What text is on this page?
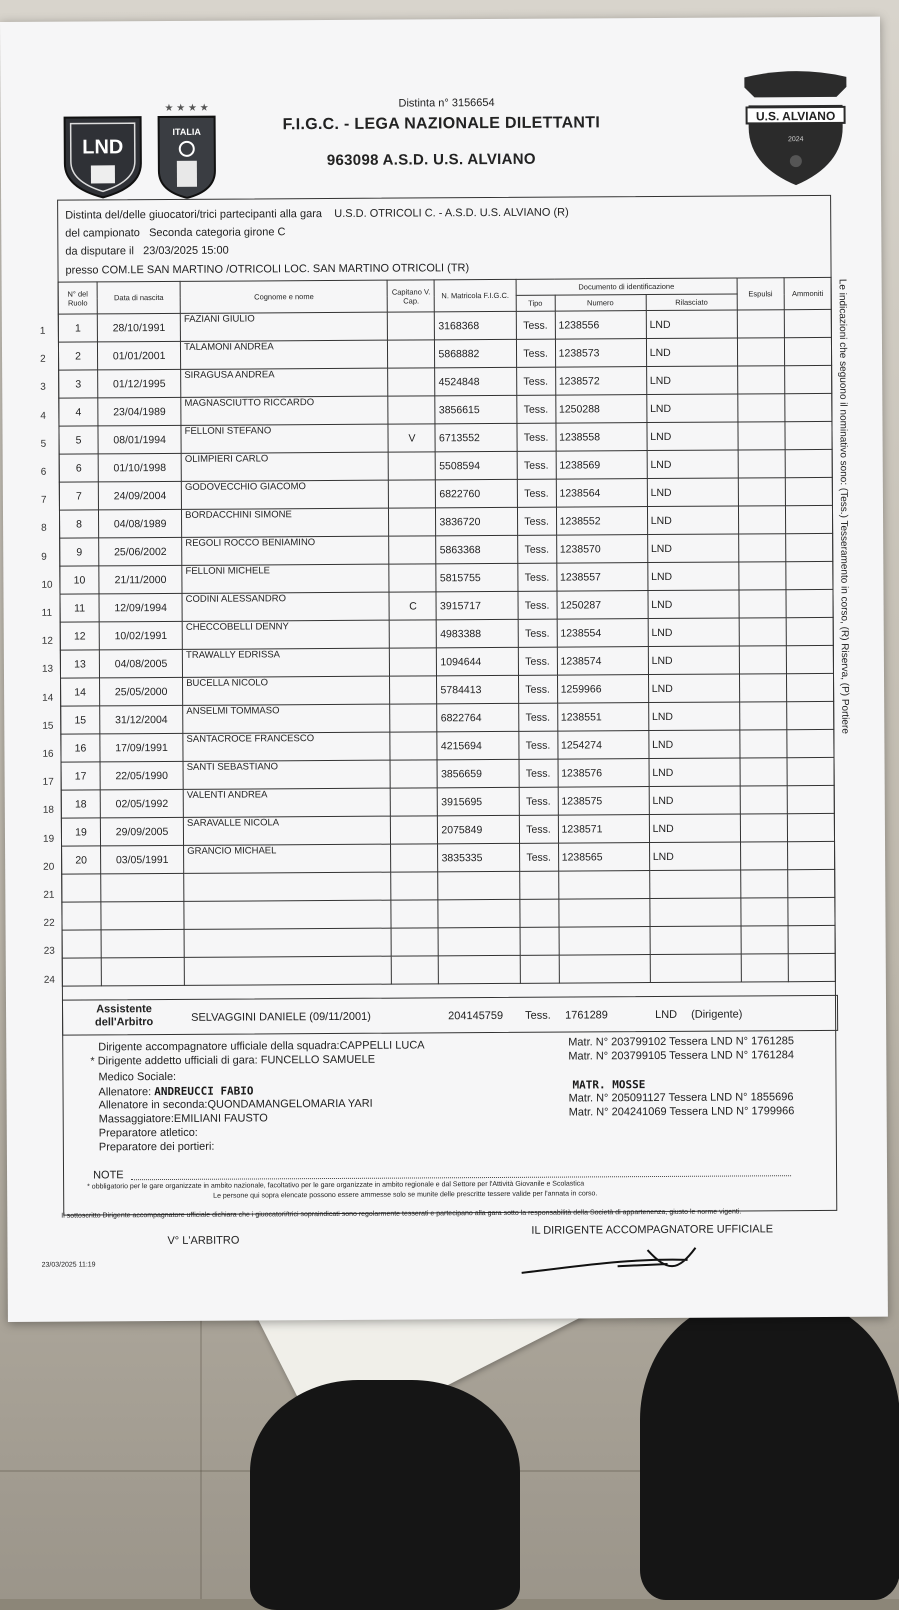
LND
★ ★ ★ ★
ITALIA
U.S. ALVIANO
2024
Distinta n° 3156654
F.I.G.C. - LEGA NAZIONALE DILETTANTI
963098 A.S.D. U.S. ALVIANO
Distinta del/delle giuocatori/trici partecipanti alla gara U.S.D. OTRICOLI C. - A.S.D. U.S. ALVIANO (R)
del campionato Seconda categoria girone C
da disputare il 23/03/2025 15:00
presso COM.LE SAN MARTINO /OTRICOLI LOC. SAN MARTINO OTRICOLI (TR)
1
2
3
4
5
6
7
8
9
10
11
12
13
14
15
16
17
18
19
20
21
22
23
24
N° del Ruolo	Data di nascita	Cognome e nome	Capitano V. Cap.	N. Matricola F.I.G.C.	Documento di identificazione			Espulsi	Ammoniti
					Tipo	Numero	Rilasciato		
1	28/10/1991	FAZIANI GIULIO		3168368	Tess.	1238556	LND		
2	01/01/2001	TALAMONI ANDREA		5868882	Tess.	1238573	LND		
3	01/12/1995	SIRAGUSA ANDREA		4524848	Tess.	1238572	LND		
4	23/04/1989	MAGNASCIUTTO RICCARDO		3856615	Tess.	1250288	LND		
5	08/01/1994	FELLONI STEFANO	V	6713552	Tess.	1238558	LND		
6	01/10/1998	OLIMPIERI CARLO		5508594	Tess.	1238569	LND		
7	24/09/2004	GODOVECCHIO GIACOMO		6822760	Tess.	1238564	LND		
8	04/08/1989	BORDACCHINI SIMONE		3836720	Tess.	1238552	LND		
9	25/06/2002	REGOLI ROCCO BENIAMINO		5863368	Tess.	1238570	LND		
10	21/11/2000	FELLONI MICHELE		5815755	Tess.	1238557	LND		
11	12/09/1994	CODINI ALESSANDRO	C	3915717	Tess.	1250287	LND		
12	10/02/1991	CHECCOBELLI DENNY		4983388	Tess.	1238554	LND		
13	04/08/2005	TRAWALLY EDRISSA		1094644	Tess.	1238574	LND		
14	25/05/2000	BUCELLA NICOLO		5784413	Tess.	1259966	LND		
15	31/12/2004	ANSELMI TOMMASO		6822764	Tess.	1238551	LND		
16	17/09/1991	SANTACROCE FRANCESCO		4215694	Tess.	1254274	LND		
17	22/05/1990	SANTI SEBASTIANO		3856659	Tess.	1238576	LND		
18	02/05/1992	VALENTI ANDREA		3915695	Tess.	1238575	LND		
19	29/09/2005	SARAVALLE NICOLA		2075849	Tess.	1238571	LND		
20	03/05/1991	GRANCIO MICHAEL		3835335	Tess.	1238565	LND		

Assistente dell'Arbitro	SELVAGGINI DANIELE (09/11/2001)	204145759 Tess. 1761289	LND (Dirigente)
Dirigente accompagnatore ufficiale della squadra:CAPPELLI LUCA
* Dirigente addetto ufficiali di gara: FUNCELLO SAMUELE
Medico Sociale:
Allenatore: ANDREUCCI FABIO
Allenatore in seconda:QUONDAMANGELOMARIA YARI
Massaggiatore:EMILIANI FAUSTO
Preparatore atletico:
Preparatore dei portieri:
Matr. N° 203799102 Tessera LND N° 1761285
Matr. N° 203799105 Tessera LND N° 1761284
MATR. MOSSE
Matr. N° 205091127 Tessera LND N° 1855696
Matr. N° 204241069 Tessera LND N° 1799966
NOTE
* obbligatorio per le gare organizzate in ambito nazionale, facoltativo per le gare organizzate in ambito regionale e dal Settore per l'Attività Giovanile e Scolastica
Le persone qui sopra elencate possono essere ammesse solo se munite delle prescritte tessere valide per l'annata in corso.
Il sottoscritto Dirigente accompagnatore ufficiale dichiara che i giuocatori/trici sopraindicati sono regolarmente tesserati e partecipano alla gara sotto la responsabilità della Società di appartenenza, giusto le norme vigenti.
V° L'ARBITRO
IL DIRIGENTE ACCOMPAGNATORE UFFICIALE
23/03/2025 11:19
Le indicazioni che seguono il nominativo sono: (Tess.) Tesseramento in corso, (R) Riserva, (P) Portiere
